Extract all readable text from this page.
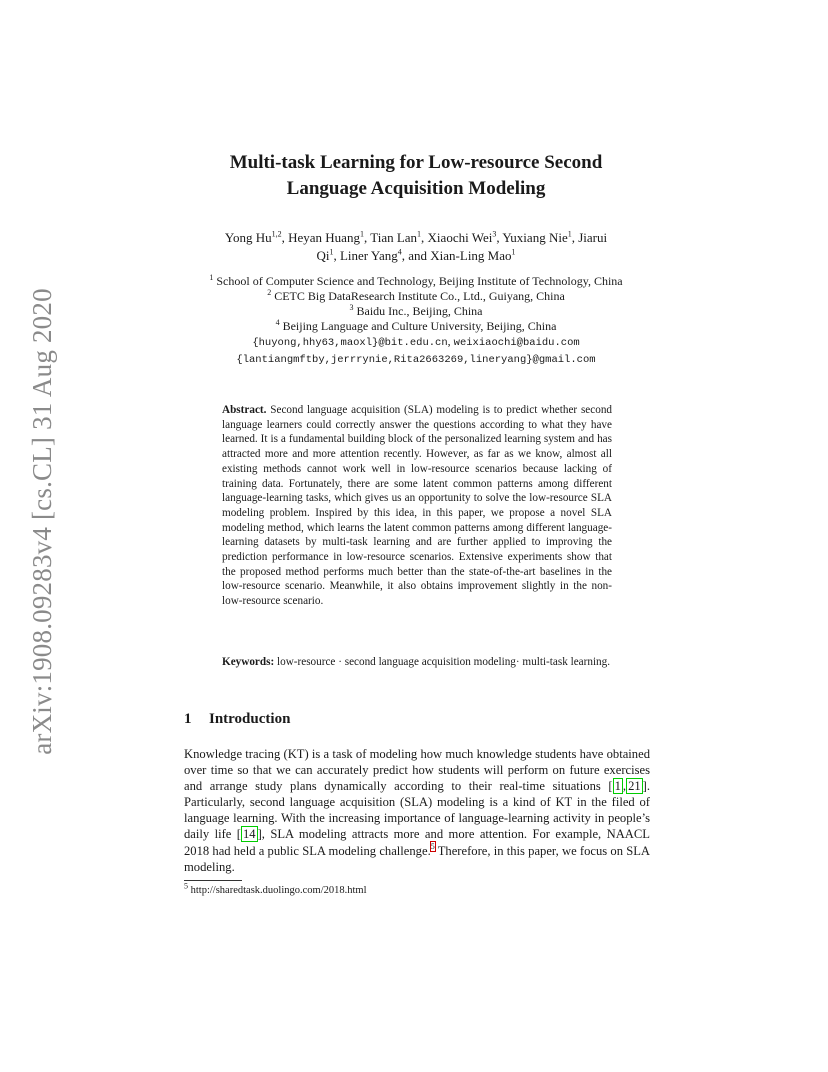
arXiv:1908.09283v4 [cs.CL] 31 Aug 2020
Multi-task Learning for Low-resource Second
Language Acquisition Modeling
Yong Hu$^{1,2}$, Heyan Huang$^1$, Tian Lan$^1$, Xiaochi Wei$^3$, Yuxiang Nie$^1$, Jiarui
Qi$^1$, Liner Yang$^4$, and Xian-Ling Mao$^1$
$^1$ School of Computer Science and Technology, Beijing Institute of Technology, China
$^2$ CETC Big DataResearch Institute Co., Ltd., Guiyang, China
$^3$ Baidu Inc., Beijing, China
$^4$ Beijing Language and Culture University, Beijing, China
{huyong,hhy63,maoxl}@bit.edu.cn, weixiaochi@baidu.com
{lantiangmftby,jerrrynie,Rita2663269,lineryang}@gmail.com
Abstract. Second language acquisition (SLA) modeling is to predict whether second language learners could correctly answer the questions according to what they have learned. It is a fundamental building block of the personalized learning system and has attracted more and more attention recently. However, as far as we know, almost all existing methods cannot work well in low-resource scenarios because lacking of training data. Fortunately, there are some latent common patterns among different language-learning tasks, which gives us an opportunity to solve the low-resource SLA modeling problem. Inspired by this idea, in this paper, we propose a novel SLA modeling method, which learns the latent common patterns among different language-learning datasets by multi-task learning and are further applied to improving the prediction performance in low-resource scenarios. Extensive experiments show that the proposed method performs much better than the state-of-the-art baselines in the low-resource scenario. Meanwhile, it also obtains improvement slightly in the non-low-resource scenario.
Keywords: low-resource · second language acquisition modeling· multi-task learning.
1 Introduction
Knowledge tracing (KT) is a task of modeling how much knowledge students have obtained over time so that we can accurately predict how students will perform on future exercises and arrange study plans dynamically according to their real-time situations [ 1 , 21 ]. Particularly, second language acquisition (SLA) modeling is a kind of KT in the filed of language learning. With the increasing importance of language-learning activity in people’s daily life [ 14 ], SLA modeling attracts more and more attention. For example, NAACL 2018 had held a public SLA modeling challenge.$^5$ Therefore, in this paper, we focus on SLA modeling.
$^5$ http://sharedtask.duolingo.com/2018.html
